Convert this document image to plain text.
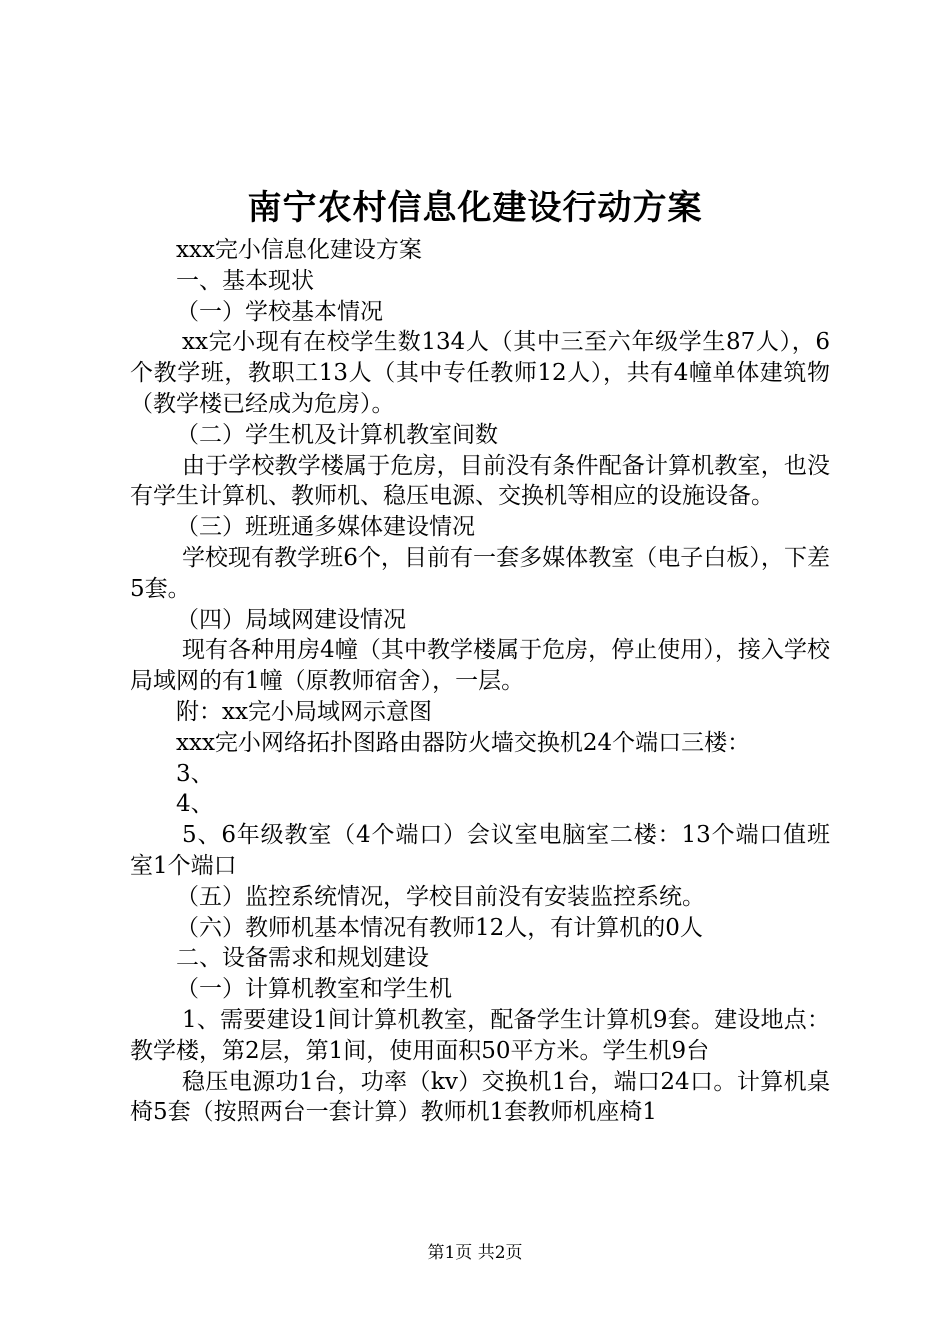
南宁农村信息化建设行动方案

xxx完小信息化建设方案

一、基本现状

（一）学校基本情况

xx完小现有在校学生数134人（其中三至六年级学生87人），6个教学班，教职工13人（其中专任教师12人），共有4幢单体建筑物（教学楼已经成为危房）。

（二）学生机及计算机教室间数

由于学校教学楼属于危房，目前没有条件配备计算机教室，也没有学生计算机、教师机、稳压电源、交换机等相应的设施设备。

（三）班班通多媒体建设情况

学校现有教学班6个，目前有一套多媒体教室（电子白板），下差5套。

（四）局域网建设情况

现有各种用房4幢（其中教学楼属于危房，停止使用），接入学校局域网的有1幢（原教师宿舍），一层。

附：xx完小局域网示意图

xxx完小网络拓扑图路由器防火墙交换机24个端口三楼：

3、

4、

5、6年级教室（4个端口）会议室电脑室二楼：13个端口值班室1个端口

（五）监控系统情况，学校目前没有安装监控系统。

（六）教师机基本情况有教师12人，有计算机的0人

二、设备需求和规划建设

（一）计算机教室和学生机

1、需要建设1间计算机教室，配备学生计算机9套。建设地点：教学楼，第2层，第1间，使用面积50平方米。学生机9台

稳压电源功1台，功率（kv）交换机1台，端口24口。计算机桌椅5套（按照两台一套计算）教师机1套教师机座椅1

第1页 共2页
